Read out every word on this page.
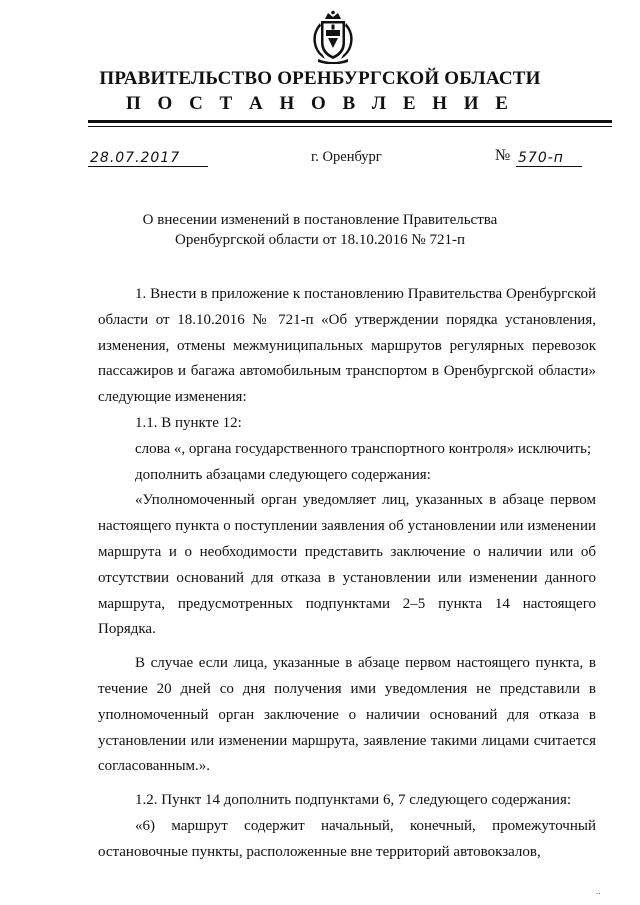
ПРАВИТЕЛЬСТВО ОРЕНБУРГСКОЙ ОБЛАСТИ
П О С Т А Н О В Л Е Н И Е
28.07.2017	г. Оренбург	№ 570-п
О внесении изменений в постановление Правительства
Оренбургской области от 18.10.2016 № 721-п

1. Внести в приложение к постановлению Правительства Оренбургской области от 18.10.2016 № 721-п «Об утверждении порядка установления, изменения, отмены межмуниципальных маршрутов регулярных перевозок пассажиров и багажа автомобильным транспортом в Оренбургской области» следующие изменения:

1.1. В пункте 12:

слова «, органа государственного транспортного контроля» исключить;

дополнить абзацами следующего содержания:

«Уполномоченный орган уведомляет лиц, указанных в абзаце первом настоящего пункта о поступлении заявления об установлении или изменении маршрута и о необходимости представить заключение о наличии или об отсутствии оснований для отказа в установлении или изменении данного маршрута, предусмотренных подпунктами 2–5 пункта 14 настоящего Порядка.

В случае если лица, указанные в абзаце первом настоящего пункта, в течение 20 дней со дня получения ими уведомления не представили в уполномоченный орган заключение о наличии оснований для отказа в установлении или изменении маршрута, заявление такими лицами считается согласованным.».

1.2. Пункт 14 дополнить подпунктами 6, 7 следующего содержания:

«6) маршрут содержит начальный, конечный, промежуточный остановочные пункты, расположенные вне территорий автовокзалов,

..
